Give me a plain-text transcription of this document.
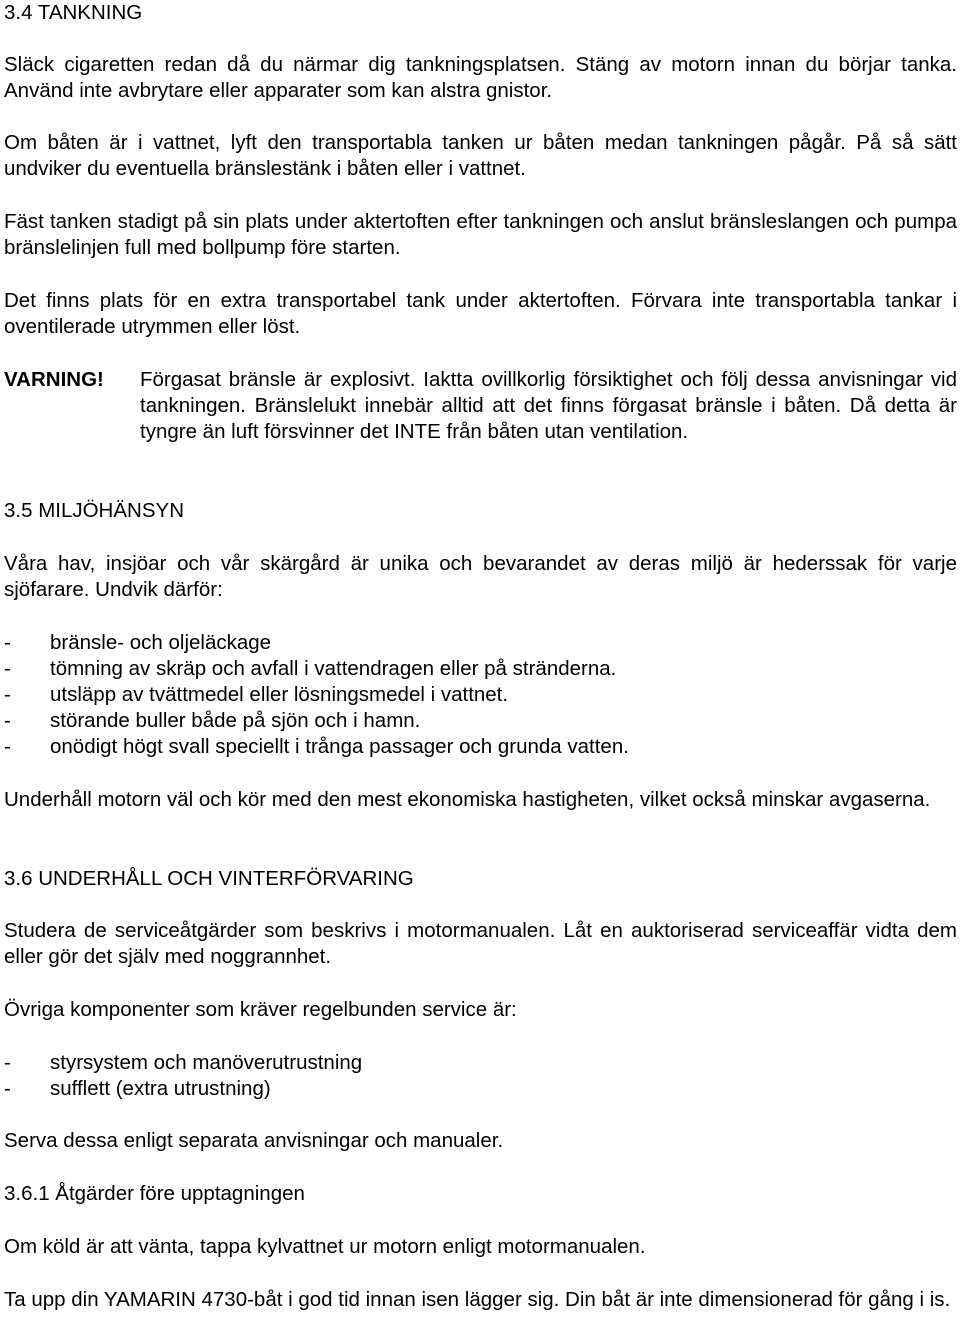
3.4 TANKNING

Släck cigaretten redan då du närmar dig tankningsplatsen. Stäng av motorn innan du börjar tanka. Använd inte avbrytare eller apparater som kan alstra gnistor.

Om båten är i vattnet, lyft den transportabla tanken ur båten medan tankningen pågår. På så sätt undviker du eventuella bränslestänk i båten eller i vattnet.

Fäst tanken stadigt på sin plats under aktertoften efter tankningen och anslut bränsleslangen och pumpa bränslelinjen full med bollpump före starten.

Det finns plats för en extra transportabel tank under aktertoften. Förvara inte transportabla tankar i oventilerade utrymmen eller löst.

VARNING!	Förgasat bränsle är explosivt. Iaktta ovillkorlig försiktighet och följ dessa anvisningar vid tankningen. Bränslelukt innebär alltid att det finns förgasat bränsle i båten. Då detta är tyngre än luft försvinner det INTE från båten utan ventilation.
3.5 MILJÖHÄNSYN

Våra hav, insjöar och vår skärgård är unika och bevarandet av deras miljö är hederssak för varje sjöfarare. Undvik därför:

- bränsle- och oljeläckage
- tömning av skräp och avfall i vattendragen eller på stränderna.
- utsläpp av tvättmedel eller lösningsmedel i vattnet.
- störande buller både på sjön och i hamn.
- onödigt högt svall speciellt i trånga passager och grunda vatten.

Underhåll motorn väl och kör med den mest ekonomiska hastigheten, vilket också minskar avgaserna.

3.6 UNDERHÅLL OCH VINTERFÖRVARING

Studera de serviceåtgärder som beskrivs i motormanualen. Låt en auktoriserad serviceaffär vidta dem eller gör det själv med noggrannhet.

Övriga komponenter som kräver regelbunden service är:

- styrsystem och manöverutrustning
- sufflett (extra utrustning)

Serva dessa enligt separata anvisningar och manualer.

3.6.1 Åtgärder före upptagningen

Om köld är att vänta, tappa kylvattnet ur motorn enligt motormanualen.

Ta upp din YAMARIN 4730-båt i god tid innan isen lägger sig. Din båt är inte dimensionerad för gång i is.
